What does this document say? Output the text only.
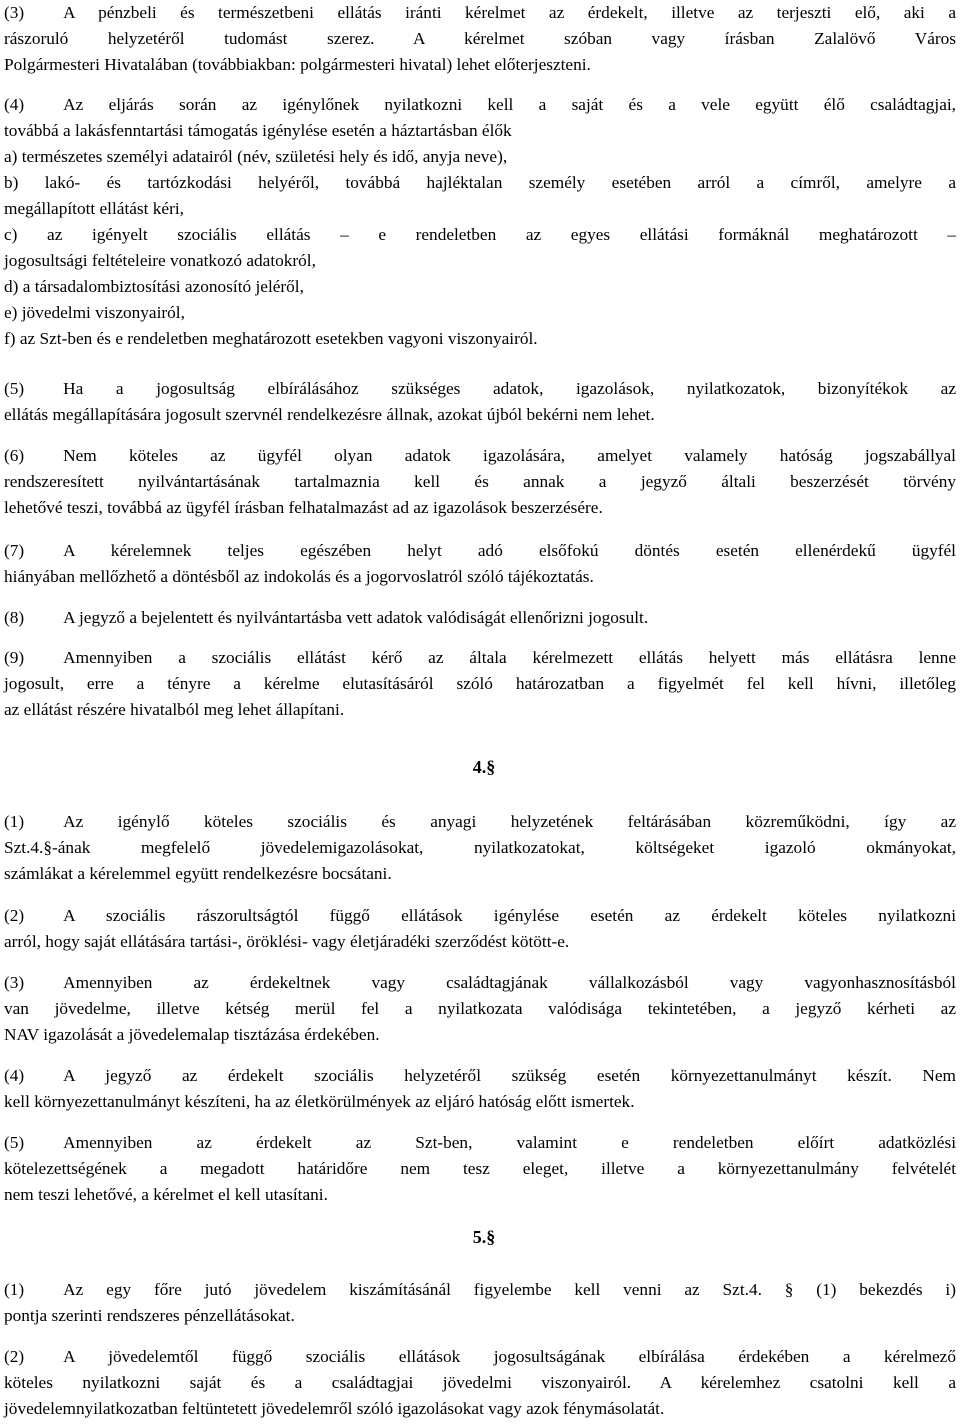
(3) A pénzbeli és természetbeni ellátás iránti kérelmet az érdekelt, illetve az terjeszti elő, aki a
rászoruló helyzetéről tudomást szerez. A kérelmet szóban vagy írásban Zalalövő Város
Polgármesteri Hivatalában (továbbiakban: polgármesteri hivatal) lehet előterjeszteni.
(4) Az eljárás során az igénylőnek nyilatkozni kell a saját és a vele együtt élő családtagjai,
továbbá a lakásfenntartási támogatás igénylése esetén a háztartásban élők
a) természetes személyi adatairól (név, születési hely és idő, anyja neve),
b) lakó- és tartózkodási helyéről, továbbá hajléktalan személy esetében arról a címről, amelyre a
megállapított ellátást kéri,
c) az igényelt szociális ellátás – e rendeletben az egyes ellátási formáknál meghatározott –
jogosultsági feltételeire vonatkozó adatokról,
d) a társadalombiztosítási azonosító jeléről,
e) jövedelmi viszonyairól,
f) az Szt-ben és e rendeletben meghatározott esetekben vagyoni viszonyairól.
(5) Ha a jogosultság elbírálásához szükséges adatok, igazolások, nyilatkozatok, bizonyítékok az
ellátás megállapítására jogosult szervnél rendelkezésre állnak, azokat újból bekérni nem lehet.
(6) Nem köteles az ügyfél olyan adatok igazolására, amelyet valamely hatóság jogszabállyal
rendszeresített nyilvántartásának tartalmaznia kell és annak a jegyző általi beszerzését törvény
lehetővé teszi, továbbá az ügyfél írásban felhatalmazást ad az igazolások beszerzésére.
(7) A kérelemnek teljes egészében helyt adó elsőfokú döntés esetén ellenérdekű ügyfél
hiányában mellőzhető a döntésből az indokolás és a jogorvoslatról szóló tájékoztatás.
(8) A jegyző a bejelentett és nyilvántartásba vett adatok valódiságát ellenőrizni jogosult.
(9) Amennyiben a szociális ellátást kérő az általa kérelmezett ellátás helyett más ellátásra lenne
jogosult, erre a tényre a kérelme elutasításáról szóló határozatban a figyelmét fel kell hívni, illetőleg
az ellátást részére hivatalból meg lehet állapítani.
4.§
(1) Az igénylő köteles szociális és anyagi helyzetének feltárásában közreműködni, így az
Szt.4.§-ának megfelelő jövedelemigazolásokat, nyilatkozatokat, költségeket igazoló okmányokat,
számlákat a kérelemmel együtt rendelkezésre bocsátani.
(2) A szociális rászorultságtól függő ellátások igénylése esetén az érdekelt köteles nyilatkozni
arról, hogy saját ellátására tartási-, öröklési- vagy életjáradéki szerződést kötött-e.
(3) Amennyiben az érdekeltnek vagy családtagjának vállalkozásból vagy vagyonhasznosításból
van jövedelme, illetve kétség merül fel a nyilatkozata valódisága tekintetében, a jegyző kérheti az
NAV igazolását a jövedelemalap tisztázása érdekében.
(4) A jegyző az érdekelt szociális helyzetéről szükség esetén környezettanulmányt készít. Nem
kell környezettanulmányt készíteni, ha az életkörülmények az eljáró hatóság előtt ismertek.
(5) Amennyiben az érdekelt az Szt-ben, valamint e rendeletben előírt adatközlési
kötelezettségének a megadott határidőre nem tesz eleget, illetve a környezettanulmány felvételét
nem teszi lehetővé, a kérelmet el kell utasítani.
5.§
(1) Az egy főre jutó jövedelem kiszámításánál figyelembe kell venni az Szt.4. § (1) bekezdés i)
pontja szerinti rendszeres pénzellátásokat.
(2) A jövedelemtől függő szociális ellátások jogosultságának elbírálása érdekében a kérelmező
köteles nyilatkozni saját és a családtagjai jövedelmi viszonyairól. A kérelemhez csatolni kell a
jövedelemnyilatkozatban feltüntetett jövedelemről szóló igazolásokat vagy azok fénymásolatát.
